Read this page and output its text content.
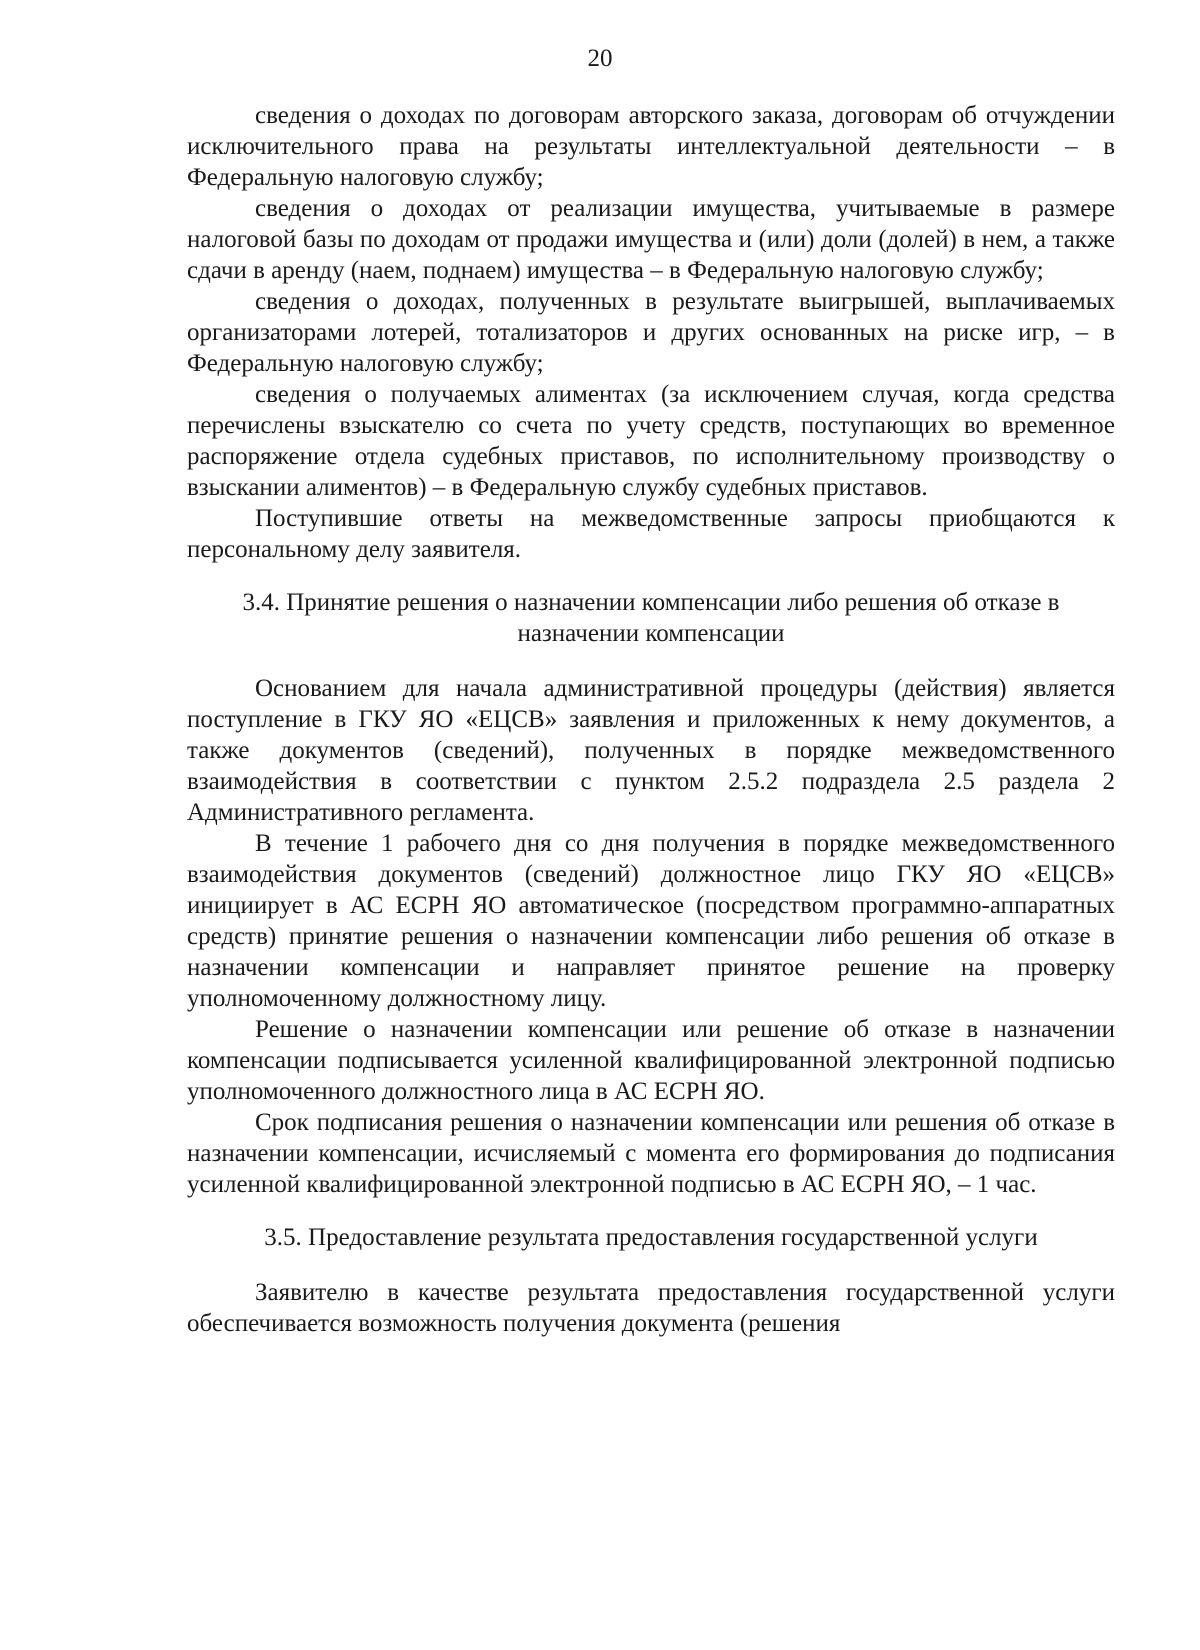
20

сведения о доходах по договорам авторского заказа, договорам об отчуждении исключительного права на результаты интеллектуальной деятельности – в Федеральную налоговую службу;

сведения о доходах от реализации имущества, учитываемые в размере налоговой базы по доходам от продажи имущества и (или) доли (долей) в нем, а также сдачи в аренду (наем, поднаем) имущества – в Федеральную налоговую службу;

сведения о доходах, полученных в результате выигрышей, выплачиваемых организаторами лотерей, тотализаторов и других основанных на риске игр, – в Федеральную налоговую службу;

сведения о получаемых алиментах (за исключением случая, когда средства перечислены взыскателю со счета по учету средств, поступающих во временное распоряжение отдела судебных приставов, по исполнительному производству о взыскании алиментов) – в Федеральную службу судебных приставов.

Поступившие ответы на межведомственные запросы приобщаются к персональному делу заявителя.

3.4. Принятие решения о назначении компенсации либо решения об отказе в назначении компенсации

Основанием для начала административной процедуры (действия) является поступление в ГКУ ЯО «ЕЦСВ» заявления и приложенных к нему документов, а также документов (сведений), полученных в порядке межведомственного взаимодействия в соответствии с пунктом 2.5.2 подраздела 2.5 раздела 2 Административного регламента.

В течение 1 рабочего дня со дня получения в порядке межведомственного взаимодействия документов (сведений) должностное лицо ГКУ ЯО «ЕЦСВ» инициирует в АС ЕСРН ЯО автоматическое (посредством программно-аппаратных средств) принятие решения о назначении компенсации либо решения об отказе в назначении компенсации и направляет принятое решение на проверку уполномоченному должностному лицу.

Решение о назначении компенсации или решение об отказе в назначении компенсации подписывается усиленной квалифицированной электронной подписью уполномоченного должностного лица в АС ЕСРН ЯО.

Срок подписания решения о назначении компенсации или решения об отказе в назначении компенсации, исчисляемый с момента его формирования до подписания усиленной квалифицированной электронной подписью в АС ЕСРН ЯО, – 1 час.

3.5. Предоставление результата предоставления государственной услуги

Заявителю в качестве результата предоставления государственной услуги обеспечивается возможность получения документа (решения
